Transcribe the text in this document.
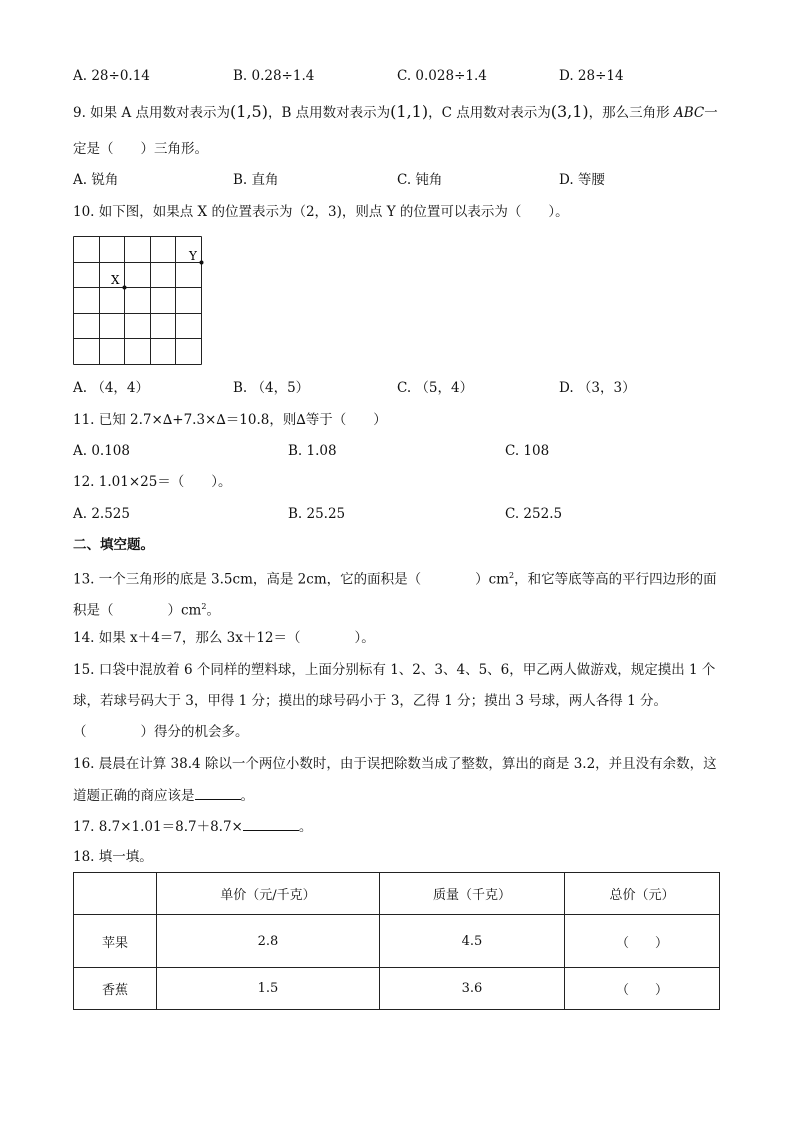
A. 28÷0.14	B. 0.28÷1.4	C. 0.028÷1.4	D. 28÷14
9. 如果 A 点用数对表示为(1,5)，B 点用数对表示为(1,1)，C 点用数对表示为(3,1)，那么三角形 ABC一
定是（　　）三角形。
A. 锐角	B. 直角	C. 钝角	D. 等腰
10. 如下图，如果点 X 的位置表示为（2，3)，则点 Y 的位置可以表示为（　　）。
X
Y
A. （4，4）	B. （4，5）	C. （5，4）	D. （3，3）
11. 已知 2.7×∆+7.3×∆＝10.8，则∆等于（　　）
A. 0.108	B. 1.08	C. 108
12. 1.01×25＝（　　）。
A. 2.525	B. 25.25	C. 252.5
二、填空题。
13. 一个三角形的底是 3.5cm，高是 2cm，它的面积是（　　　　）$cm^2$，和它等底等高的平行四边形的面
积是（　　　　）$cm^2$。
14. 如果 x＋4＝7，那么 3x＋12＝（　　　　）。
15. 口袋中混放着 6 个同样的塑料球，上面分别标有 1、2、3、4、5、6，甲乙两人做游戏，规定摸出 1 个
球，若球号码大于 3，甲得 1 分；摸出的球号码小于 3，乙得 1 分；摸出 3 号球，两人各得 1 分。
（　　　　）得分的机会多。
16. 晨晨在计算 38.4 除以一个两位小数时，由于误把除数当成了整数，算出的商是 3.2，并且没有余数，这
道题正确的商应该是	。
17. 8.7×1.01＝8.7＋8.7×	。
18. 填一填。
	单价（元/千克）	质量（千克）	总价（元）
苹果	2.8	4.5	（　　）
香蕉	1.5	3.6	（　　）
